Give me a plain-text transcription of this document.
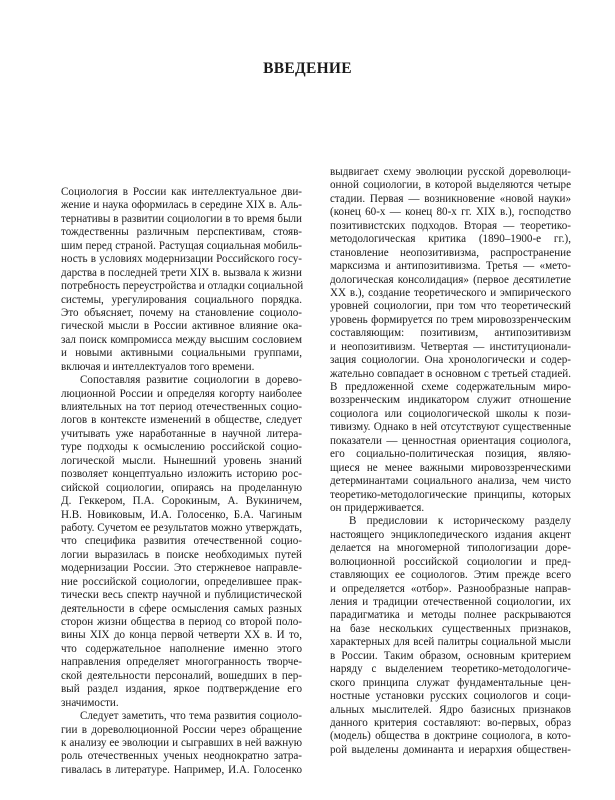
ВВЕДЕНИЕ
Социология в России как интеллектуальное дви-
жение и наука оформилась в середине XIX в. Аль-
тернативы в развитии социологии в то время были
тождественны различным перспективам, стояв-
шим перед страной. Растущая социальная мобиль-
ность в условиях модернизации Российского госу-
дарства в последней трети XIX в. вызвала к жизни
потребность переустройства и отладки социальной
системы, урегулирования социального порядка.
Это объясняет, почему на становление социоло-
гической мысли в России активное влияние ока-
зал поиск компромисса между высшим сословием
и новыми активными социальными группами,
включая и интеллектуалов того времени.
Сопоставляя развитие социологии в дорево-
люционной России и определяя когорту наиболее
влиятельных на тот период отечественных социо-
логов в контексте изменений в обществе, следует
учитывать уже наработанные в научной литера-
туре подходы к осмыслению российской социо-
логической мысли. Нынешний уровень знаний
позволяет концептуально изложить историю рос-
сийской социологии, опираясь на проделанную
Д. Геккером, П.А. Сорокиным, А. Вукиничем,
Н.В. Новиковым, И.А. Голосенко, Б.А. Чагиным
работу. Сучетом ее результатов можно утверждать,
что специфика развития отечественной социо-
логии выразилась в поиске необходимых путей
модернизации России. Это стержневое направле-
ние российской социологии, определившее прак-
тически весь спектр научной и публицистической
деятельности в сфере осмысления самых разных
сторон жизни общества в период со второй поло-
вины XIX до конца первой четверти XX в. И то,
что содержательное наполнение именно этого
направления определяет многогранность творче-
ской деятельности персоналий, вошедших в пер-
вый раздел издания, яркое подтверждение его
значимости.
Следует заметить, что тема развития социоло-
гии в дореволюционной России через обращение
к анализу ее эволюции и сыгравших в ней важную
роль отечественных ученых неоднократно затра-
гивалась в литературе. Например, И.А. Голосенко
выдвигает схему эволюции русской дореволюци-
онной социологии, в которой выделяются четыре
стадии. Первая — возникновение «новой науки»
(конец 60-х — конец 80-х гг. XIX в.), господство
позитивистских подходов. Вторая — теоретико-
методологическая критика (1890–1900-е гг.),
становление неопозитивизма, распространение
марксизма и антипозитивизма. Третья — «мето-
дологическая консолидация» (первое десятилетие
XX в.), создание теоретического и эмпирического
уровней социологии, при том что теоретический
уровень формируется по трем мировоззренческим
составляющим: позитивизм, антипозитивизм
и неопозитивизм. Четвертая — институционали-
зация социологии. Она хронологически и содер-
жательно совпадает в основном с третьей стадией.
В предложенной схеме содержательным миро-
воззренческим индикатором служит отношение
социолога или социологической школы к пози-
тивизму. Однако в ней отсутствуют существенные
показатели — ценностная ориентация социолога,
его социально-политическая позиция, являю-
щиеся не менее важными мировоззренческими
детерминантами социального анализа, чем чисто
теоретико-методологические принципы, которых
он придерживается.
В предисловии к историческому разделу
настоящего энциклопедического издания акцент
делается на многомерной типологизации доре-
волюционной российской социологии и пред-
ставляющих ее социологов. Этим прежде всего
и определяется «отбор». Разнообразные направ-
ления и традиции отечественной социологии, их
парадигматика и методы полнее раскрываются
на базе нескольких существенных признаков,
характерных для всей палитры социальной мысли
в России. Таким образом, основным критерием
наряду с выделением теоретико-методологиче-
ского принципа служат фундаментальные цен-
ностные установки русских социологов и соци-
альных мыслителей. Ядро базисных признаков
данного критерия составляют: во-первых, образ
(модель) общества в доктрине социолога, в кото-
рой выделены доминанта и иерархия обществен-
